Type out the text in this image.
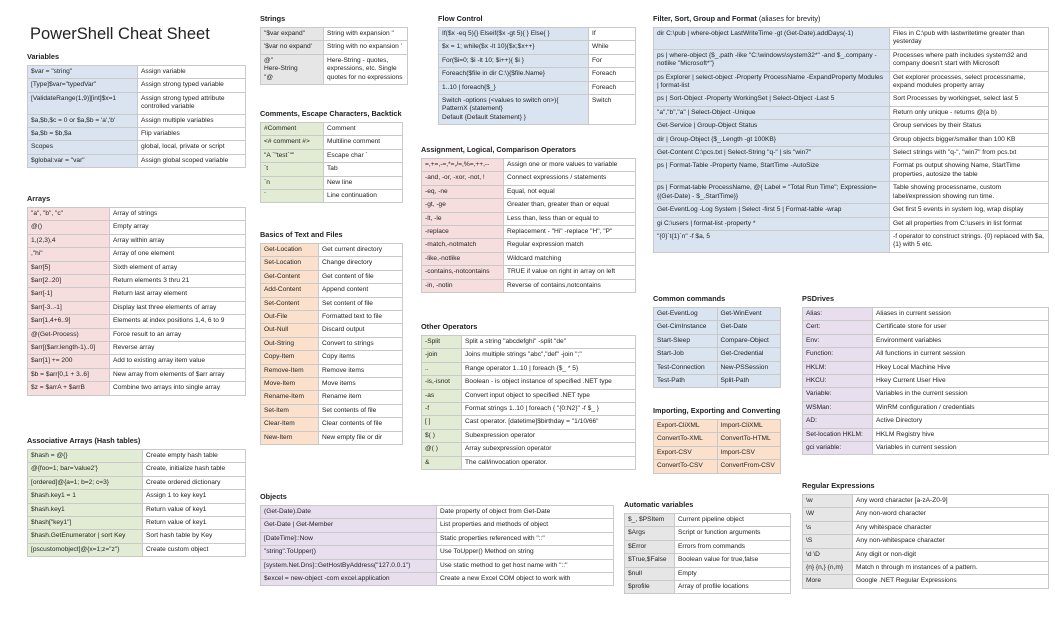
PowerShell Cheat Sheet
Variables
$var = "string"	Assign variable
[Type]$var="typedVar"	Assign strong typed variable
[ValidateRange(1,9)][int]$x=1	Assign strong typed attribute controlled variable
$a,$b,$c = 0 or $a,$b = 'a','b'	Assign multiple variables
$a,$b = $b,$a	Flip variables
Scopes	global, local, private or script
$global:var = "var"	Assign global scoped variable
Arrays
"a", "b", "c"	Array of strings
@()	Empty array
1,(2,3),4	Array within array
,"hi"	Array of one element
$arr[5]	Sixth element of array
$arr[2..20]	Return elements 3 thru 21
$arr[-1]	Return last array element
$arr[-3..-1]	Display last three elements of array
$arr[1,4+6..9]	Elements at index positions 1,4, 6 to 9
@(Get-Process)	Force result to an array
$arr[($arr.length-1)..0]	Reverse array
$arr[1] += 200	Add to existing array item value
$b = $arr[0,1 + 3..6]	New array from elements of $arr array
$z = $arrA + $arrB	Combine two arrays into single array
Associative Arrays (Hash tables)
$hash = @{}	Create empty hash table
@{foo=1; bar='value2'}	Create, initialize hash table
[ordered]@{a=1; b=2; c=3}	Create ordered dictionary
$hash.key1 = 1	Assign 1 to key key1
$hash.key1	Return value of key1
$hash["key1"]	Return value of key1
$hash.GetEnumerator | sort Key	Sort hash table by Key
[pscustomobject]@{x=1;z="z"}	Create custom object
Strings
"$var expand"	String with expansion "
'$var no expand'	String with no expansion '
@"
Here-String
"@	Here-String - quotes, expressions, etc. Single quotes for no expressions
Comments, Escape Characters, Backtick
#Comment	Comment
<# comment #>	Multiline comment
"A `"test`""	Escape char `
`t	Tab
`n	New line
`	Line continuation
Basics of Text and Files
Get-Location	Get current directory
Set-Location	Change directory
Get-Content	Get content of file
Add-Content	Append content
Set-Content	Set content of file
Out-File	Formatted text to file
Out-Null	Discard output
Out-String	Convert to strings
Copy-Item	Copy items
Remove-Item	Remove items
Move-Item	Move items
Rename-Item	Rename item
Set-Item	Set contents of file
Clear-Item	Clear contents of file
New-Item	New empty file or dir
Objects
(Get-Date).Date	Date property of object from Get-Date
Get-Date | Get-Member	List properties and methods of object
[DateTime]::Now	Static properties referenced with "::"
"string".ToUpper()	Use ToUpper() Method on string
[system.Net.Dns]::GetHostByAddress("127.0.0.1")	Use static method to get host name with "::"
$excel = new-object -com excel.application	Create a new Excel COM object to work with
Flow Control
If($x -eq 5){} Elseif($x -gt 5){ } Else{ }	If
$x = 1; while($x -lt 10){$x;$x++}	While
For($i=0; $i -lt 10; $i++){ $i }	For
Foreach($file in dir C:\){$file.Name}	Foreach
1..10 | foreach{$_}	Foreach
Switch -options (<values to switch on>){
PatternX {statement}
Default {Default Statement} }	Switch
Assignment, Logical, Comparison Operators
=,+=,-=,*=,/=,%=,++,--	Assign one or more values to variable
-and, -or, -xor, -not, !	Connect expressions / statements
-eq, -ne	Equal, not equal
-gt, -ge	Greater than, greater than or equal
-lt, -le	Less than, less than or equal to
-replace	Replacement - "Hi" -replace "H", "P"
-match,-notmatch	Regular expression match
-like,-notlike	Wildcard matching
-contains,-notcontains	TRUE if value on right in array on left
-in, -notin	Reverse of contains,notcontains
Other Operators
-Split	Split a string "abcdefghi" -split "de"
-join	Joins multiple strings "abc","def" -join ";"
..	Range operator 1..10 | foreach {$_ * 5}
-is,-isnot	Boolean - is object instance of specified .NET type
-as	Convert input object to specified .NET type
-f	Format strings 1..10 | foreach { "{0:N2}" -f $_ }
[ ]	Cast operator. [datetime]$birthday = "1/10/66"
$( )	Subexpression operator
@( )	Array subexpression operator
&	The call/invocation operator.
Filter, Sort, Group and Format (aliases for brevity)
dir C:\pub | where-object LastWriteTime -gt (Get-Date).addDays(-1)	Files in C:\pub with lastwritetime greater than yesterday
ps | where-object {$_.path -like "C:\windows\system32*" -and $_.company -notlike "Microsoft*"}	Processes where path includes system32 and company doesn't start with Microsoft
ps Explorer | select-object -Property ProcessName -ExpandProperty Modules | format-list	Get explorer processes, select processname, expand modules property array
ps | Sort-Object -Property WorkingSet | Select-Object -Last 5	Sort Processes by workingset, select last 5
"a","b","a" | Select-Object -Unique	Return only unique - returns @(a b)
Get-Service | Group-Object Status	Group services by their Status
dir | Group-Object {$_.Length -gt 100KB}	Group objects bigger/smaller than 100 KB
Get-Content C:\pcs.txt | Select-String "q-" | sls "win7"	Select strings with "q-", "win7" from pcs.txt
ps | Format-Table -Property Name, StartTime -AutoSize	Format ps output showing Name, StartTime properties, autosize the table
ps | Format-table ProcessName, @{ Label = "Total Run Time"; Expression={(Get-Date) - $_.StartTime}}	Table showing processname, custom label/expression showing run time.
Get-EventLog -Log System | Select -first 5 | Format-table -wrap	Get first 5 events in system log, wrap display
gi C:\users | format-list -property *	Get all properties from C:\users in list format
"{0}`t{1}`n" -f $a, 5	-f operator to construct strings. {0} replaced with $a, {1} with 5 etc.
Common commands
Get-EventLog	Get-WinEvent
Get-CimInstance	Get-Date
Start-Sleep	Compare-Object
Start-Job	Get-Credential
Test-Connection	New-PSSession
Test-Path	Split-Path
Importing, Exporting and Converting
Export-CliXML	Import-CliXML
ConvertTo-XML	ConvertTo-HTML
Export-CSV	Import-CSV
ConvertTo-CSV	ConvertFrom-CSV
Automatic variables
$_, $PSItem	Current pipeline object
$Args	Script or function arguments
$Error	Errors from commands
$True,$False	Boolean value for true,false
$null	Empty
$profile	Array of profile locations
PSDrives
Alias:	Aliases in current session
Cert:	Certificate store for user
Env:	Environment variables
Function:	All functions in current session
HKLM:	Hkey Local Machine Hive
HKCU:	Hkey Current User Hive
Variable:	Variables in the current session
WSMan:	WinRM configuration / credentials
AD:	Active Directory
Set-location HKLM:	HKLM Registry hive
gci variable:	Variables in current session
Regular Expressions
\w	Any word character [a-zA-Z0-9]
\W	Any non-word character
\s	Any whitespace character
\S	Any non-whitespace character
\d \D	Any digit or non-digit
{n} {n,} {n,m}	Match n through m instances of a pattern.
More	Google .NET Regular Expressions
